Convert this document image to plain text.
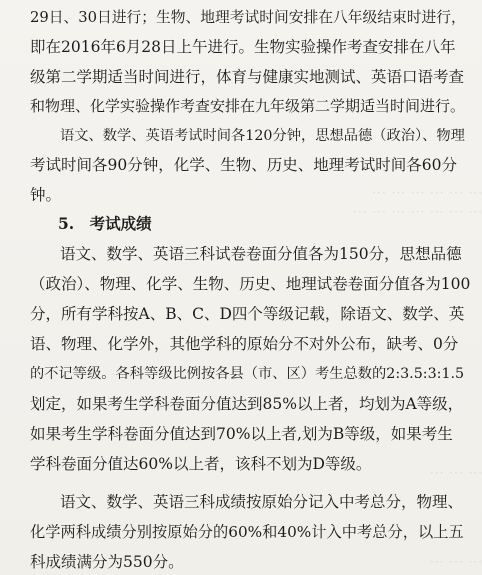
··· ··· ··· ··· ··· ···
··· ··· ··· ··· ··· ··· ···
··· ··· ···
··· ··· ···
29日、30日进行；生物、地理考试时间安排在八年级结束时进行，
即在2016年6月28日上午进行。生物实验操作考查安排在八年
级第二学期适当时间进行，体育与健康实地测试、英语口语考查
和物理、化学实验操作考查安排在九年级第二学期适当时间进行。
语文、数学、英语考试时间各120分钟，思想品德（政治）、物理
考试时间各90分钟，化学、生物、历史、地理考试时间各60分
钟。
5.　考试成绩
语文、数学、英语三科试卷卷面分值各为150分，思想品德
（政治）、物理、化学、生物、历史、地理试卷卷面分值各为100
分，所有学科按A、B、C、D四个等级记载，除语文、数学、英
语、物理、化学外，其他学科的原始分不对外公布，缺考、0分
的不记等级。各科等级比例按各县（市、区）考生总数的2:3.5:3:1.5
划定，如果考生学科卷面分值达到85%以上者，均划为A等级，
如果考生学科卷面分值达到70%以上者,划为B等级，如果考生
学科卷面分值达60%以上者，该科不划为D等级。
语文、数学、英语三科成绩按原始分记入中考总分，物理、
化学两科成绩分别按原始分的60%和40%计入中考总分，以上五
科成绩满分为550分。
